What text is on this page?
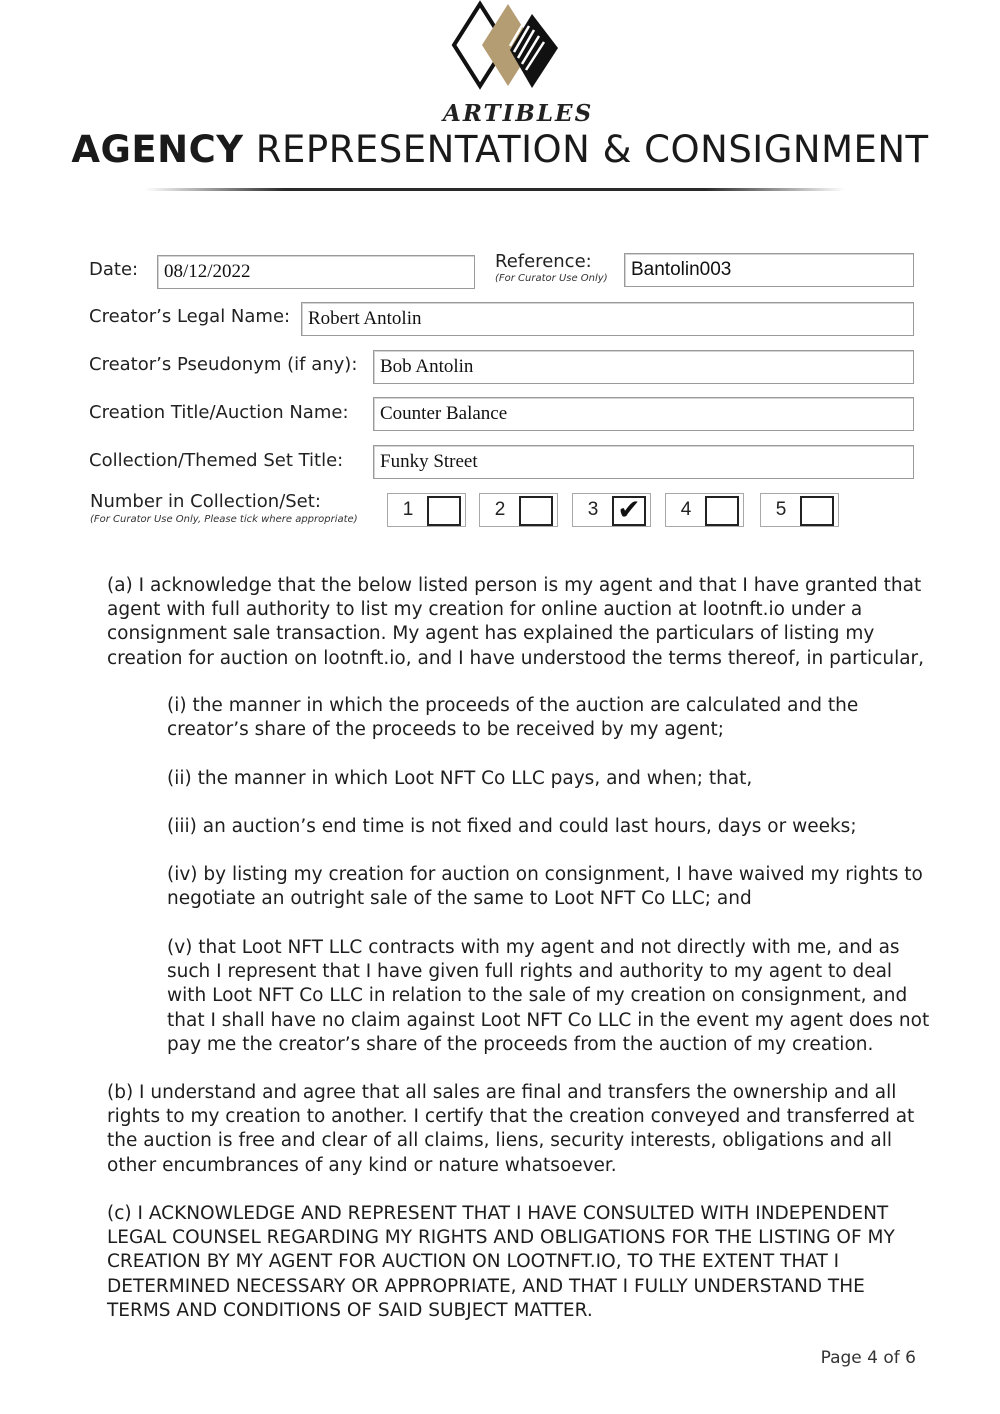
ARTIBLES
AGENCY REPRESENTATION & CONSIGNMENT
Date:
08/12/2022	Reference:
(For Curator Use Only)
Bantolin003
Creator’s Legal Name:
Robert Antolin
Creator’s Pseudonym (if any):
Bob Antolin
Creation Title/Auction Name:
Counter Balance
Collection/Themed Set Title:
Funky Street
Number in Collection/Set:
(For Curator Use Only, Please tick where appropriate)	1	2	3 ✔	4	5

(a) I acknowledge that the below listed person is my agent and that I have granted that agent with full authority to list my creation for online auction at lootnft.io under a consignment sale transaction. My agent has explained the particulars of listing my creation for auction on lootnft.io, and I have understood the terms thereof, in particular,

(i) the manner in which the proceeds of the auction are calculated and the creator’s share of the proceeds to be received by my agent;

(ii) the manner in which Loot NFT Co LLC pays, and when; that,

(iii) an auction’s end time is not fixed and could last hours, days or weeks;

(iv) by listing my creation for auction on consignment, I have waived my rights to negotiate an outright sale of the same to Loot NFT Co LLC; and

(v) that Loot NFT LLC contracts with my agent and not directly with me, and as such I represent that I have given full rights and authority to my agent to deal with Loot NFT Co LLC in relation to the sale of my creation on consignment, and that I shall have no claim against Loot NFT Co LLC in the event my agent does not pay me the creator’s share of the proceeds from the auction of my creation.

(b) I understand and agree that all sales are final and transfers the ownership and all rights to my creation to another. I certify that the creation conveyed and transferred at the auction is free and clear of all claims, liens, security interests, obligations and all other encumbrances of any kind or nature whatsoever.

(c) I ACKNOWLEDGE AND REPRESENT THAT I HAVE CONSULTED WITH INDEPENDENT LEGAL COUNSEL REGARDING MY RIGHTS AND OBLIGATIONS FOR THE LISTING OF MY CREATION BY MY AGENT FOR AUCTION ON LOOTNFT.IO, TO THE EXTENT THAT I DETERMINED NECESSARY OR APPROPRIATE, AND THAT I FULLY UNDERSTAND THE TERMS AND CONDITIONS OF SAID SUBJECT MATTER.

Page 4 of 6
